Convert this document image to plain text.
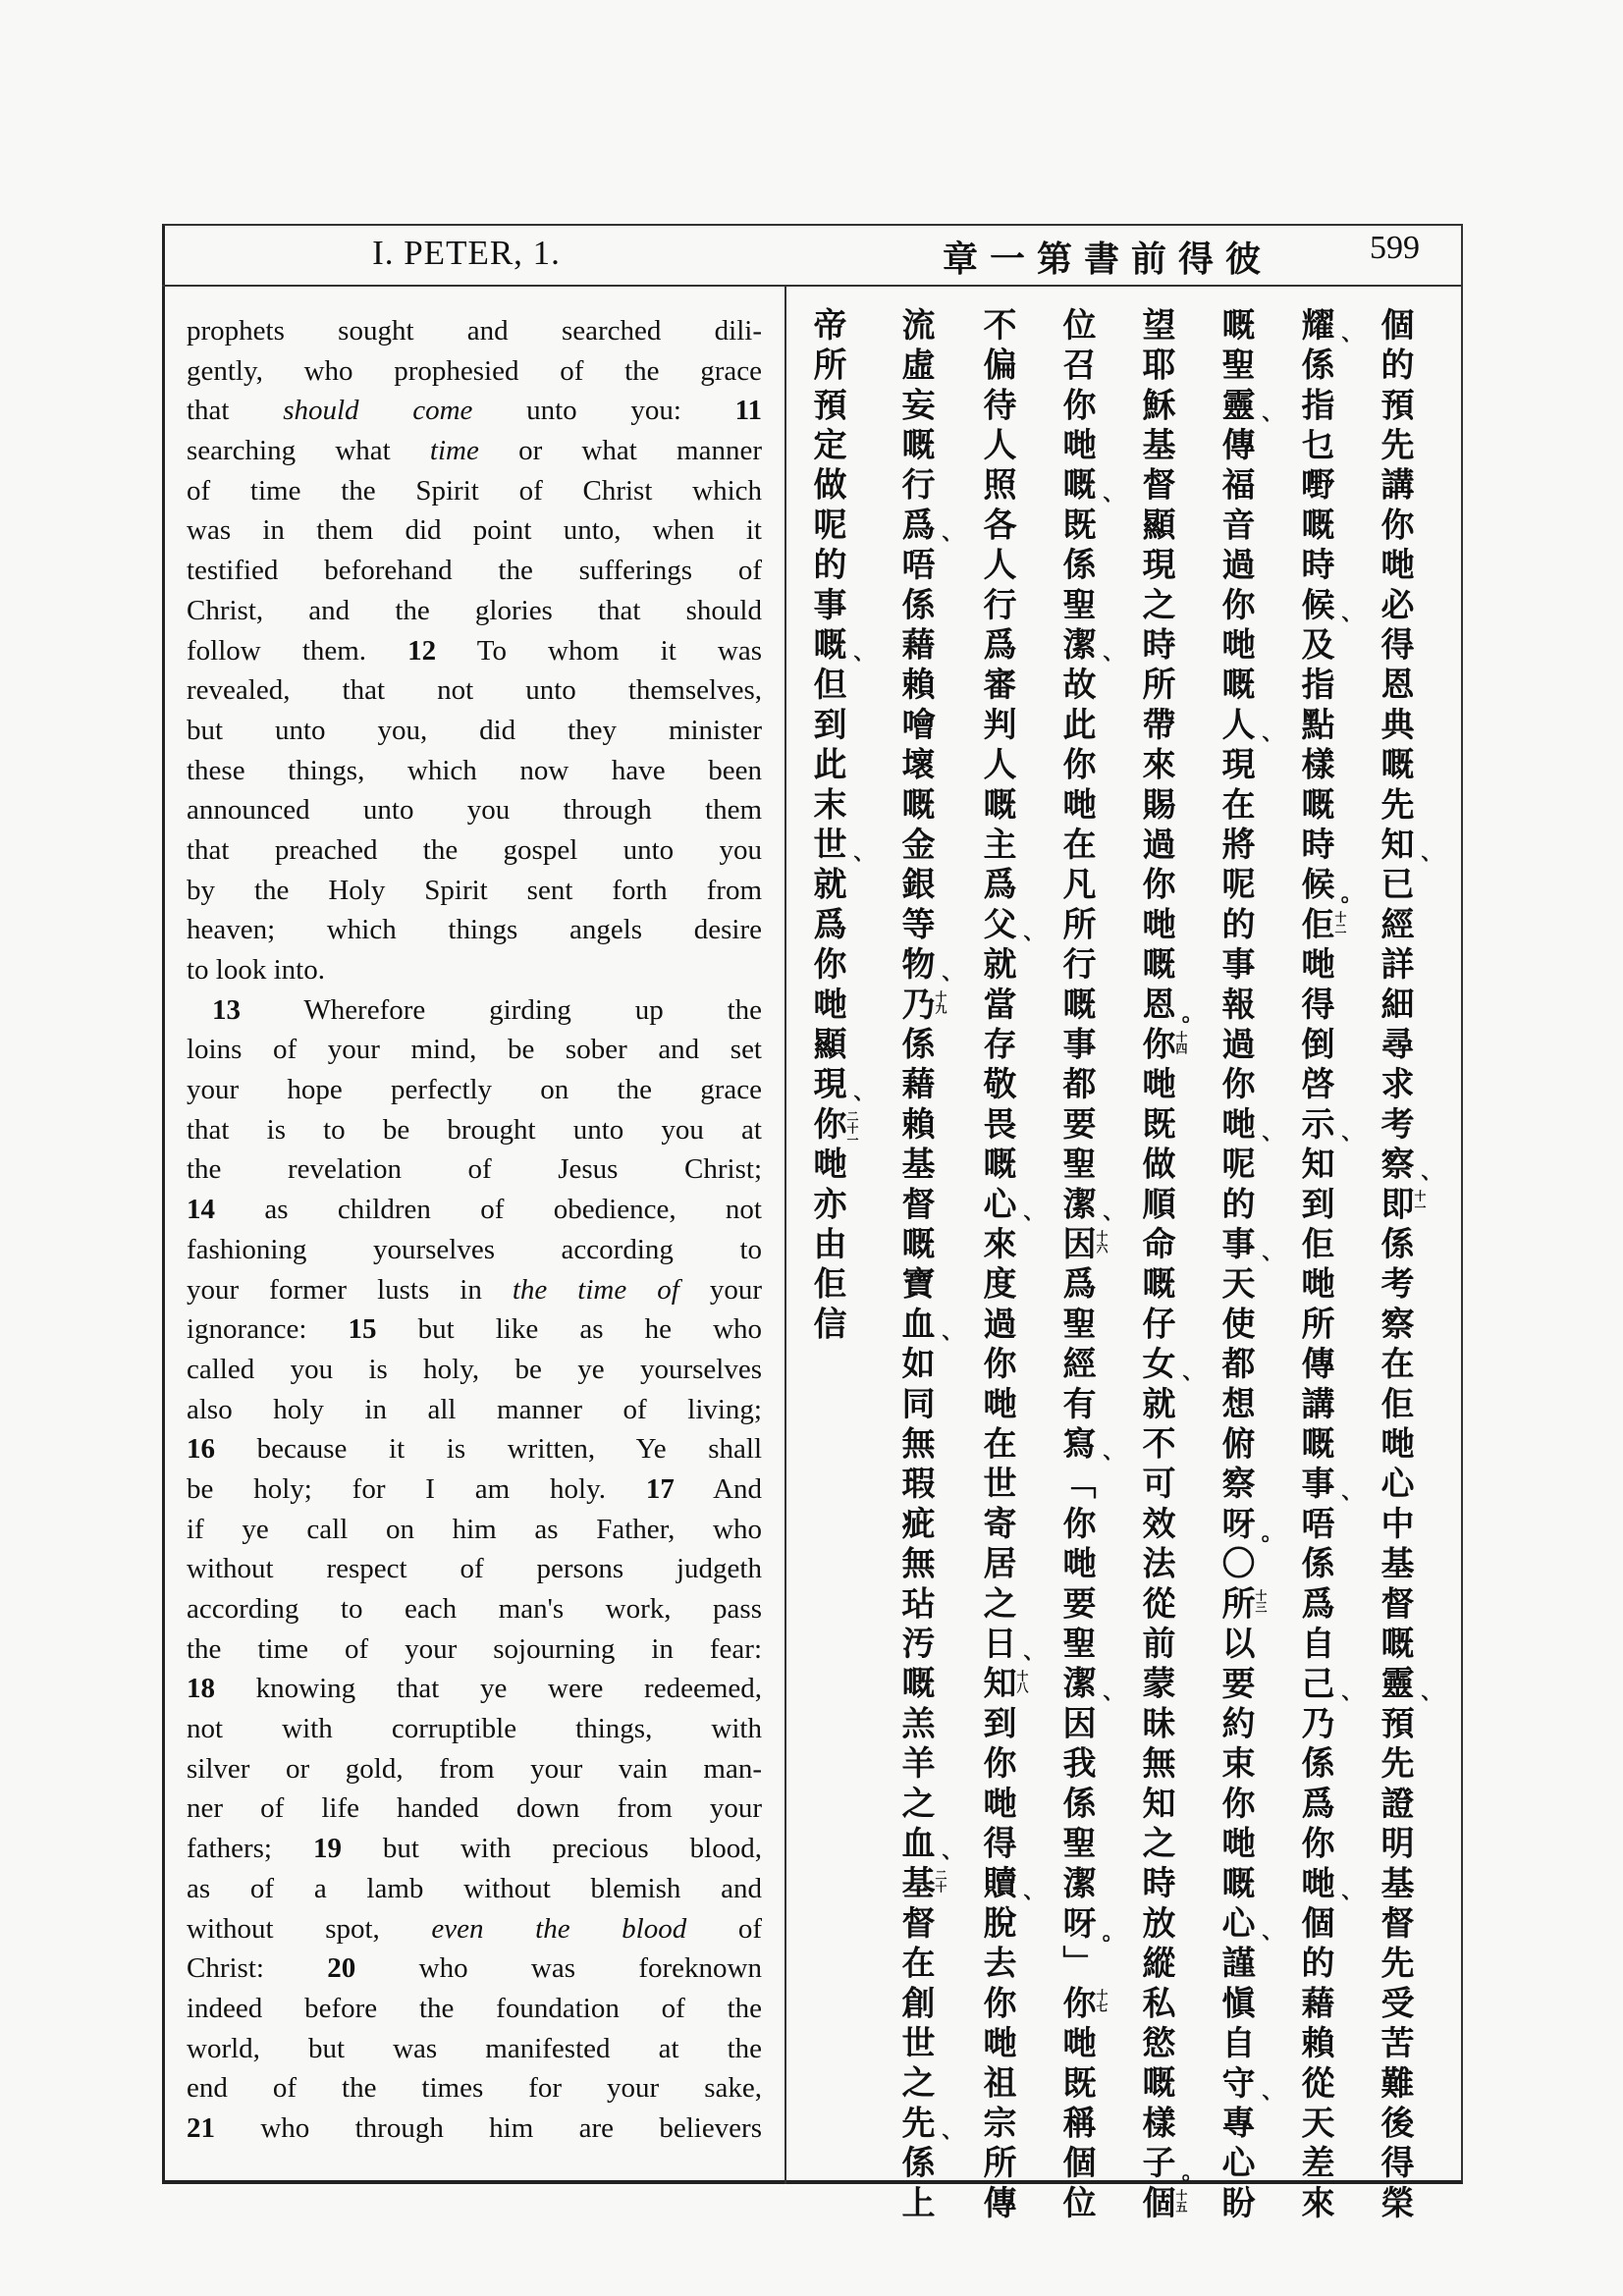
I. PETER, 1.	章一第書前得彼	599
prophets sought and searched dili-
gently, who prophesied of the grace
that should come unto you: 11
searching what time or what manner
of time the Spirit of Christ which
was in them did point unto, when it
testified beforehand the sufferings of
Christ, and the glories that should
follow them. 12 To whom it was
revealed, that not unto themselves,
but unto you, did they minister
these things, which now have been
announced unto you through them
that preached the gospel unto you
by the Holy Spirit sent forth from
heaven; which things angels desire
to look into.
13 Wherefore girding up the
loins of your mind, be sober and set
your hope perfectly on the grace
that is to be brought unto you at
the revelation of Jesus Christ;
14 as children of obedience, not
fashioning yourselves according to
your former lusts in the time of your
ignorance: 15 but like as he who
called you is holy, be ye yourselves
also holy in all manner of living;
16 because it is written, Ye shall
be holy; for I am holy. 17 And
if ye call on him as Father, who
without respect of persons judgeth
according to each man's work, pass
the time of your sojourning in fear:
18 knowing that ye were redeemed,
not with corruptible things, with
silver or gold, from your vain man-
ner of life handed down from your
fathers; 19 but with precious blood,
as of a lamb without blemish and
without spot, even the blood of
Christ: 20 who was foreknown
indeed before the foundation of the
world, but was manifested at the
end of the times for your sake,
21 who through him are believers
個的預先講你哋必得恩典嘅先知、已經詳細尋求考察、十一即係考察在佢哋心中基督嘅靈、預先證明基督先受苦難後得榮
耀、係指乜嘢嘅時候、及指點樣嘅時候。十二佢哋得倒啓示、知到佢哋所傳講嘅事、唔係爲自己、乃係爲你哋、個的藉賴從天差來
嘅聖靈、傳福音過你哋嘅人、現在將呢的事報過你哋、呢的事、天使都想俯察呀。〇十三所以要約束你哋嘅心、謹愼自守、專心盼
望耶穌基督顯現之時所帶來賜過你哋嘅恩。十四你哋既做順命嘅仔女、就不可效法從前蒙昧無知之時放縱私慾嘅樣子。十五個
位召你哋嘅、既係聖潔、故此你哋在凡所行嘅事都要聖潔、十六因爲聖經有寫、「你哋要聖潔、因我係聖潔呀。」十七你哋既稱個位
不偏待人照各人行爲審判人嘅主爲父、就當存敬畏嘅心、來度過你哋在世寄居之日、十八知到你哋得贖、脫去你哋祖宗所傳
流虛妄嘅行爲、唔係藉賴噲壞嘅金銀等物、十九乃係藉賴基督嘅寶血、如同無瑕疵無玷汚嘅羔羊之血、二十基督在創世之先、係上
帝所預定做呢的事嘅、但到此末世、就爲你哋顯現、二十一你哋亦由佢信
